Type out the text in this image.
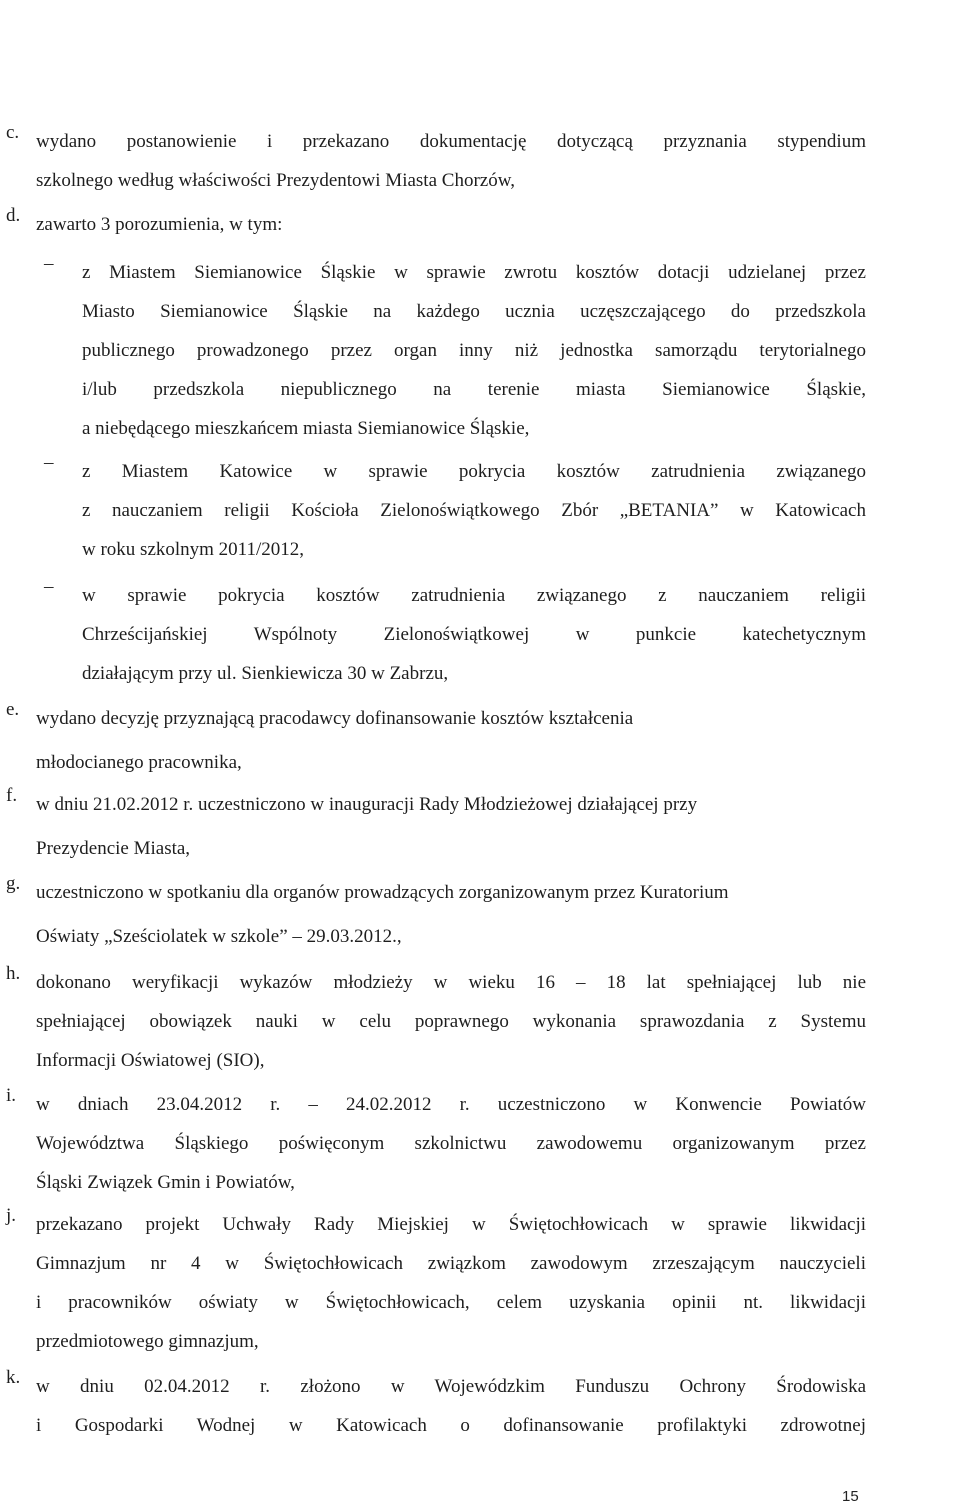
c. wydano postanowienie i przekazano dokumentację dotyczącą przyznania stypendium
szkolnego według właściwości Prezydentowi Miasta Chorzów,
d. zawarto 3 porozumienia, w tym:
– z Miastem Siemianowice Śląskie w sprawie zwrotu kosztów dotacji udzielanej przez
Miasto Siemianowice Śląskie na każdego ucznia uczęszczającego do przedszkola
publicznego prowadzonego przez organ inny niż jednostka samorządu terytorialnego
i/lub przedszkola niepublicznego na terenie miasta Siemianowice Śląskie,
a niebędącego mieszkańcem miasta Siemianowice Śląskie,
– z Miastem Katowice w sprawie pokrycia kosztów zatrudnienia związanego
z nauczaniem religii Kościoła Zielonoświątkowego Zbór „BETANIA” w Katowicach
w roku szkolnym 2011/2012,
– w sprawie pokrycia kosztów zatrudnienia związanego z nauczaniem religii
Chrześcijańskiej Wspólnoty Zielonoświątkowej w punkcie katechetycznym
działającym przy ul. Sienkiewicza 30 w Zabrzu,
e. wydano decyzję przyznającą pracodawcy dofinansowanie kosztów kształcenia
młodocianego pracownika,
f. w dniu 21.02.2012 r. uczestniczono w inauguracji Rady Młodzieżowej działającej przy
Prezydencie Miasta,
g. uczestniczono w spotkaniu dla organów prowadzących zorganizowanym przez Kuratorium
Oświaty „Sześciolatek w szkole” – 29.03.2012.,
h. dokonano weryfikacji wykazów młodzieży w wieku 16 – 18 lat spełniającej lub nie
spełniającej obowiązek nauki w celu poprawnego wykonania sprawozdania z Systemu
Informacji Oświatowej (SIO),
i. w dniach 23.04.2012 r. – 24.02.2012 r. uczestniczono w Konwencie Powiatów
Województwa Śląskiego poświęconym szkolnictwu zawodowemu organizowanym przez
Śląski Związek Gmin i Powiatów,
j. przekazano projekt Uchwały Rady Miejskiej w Świętochłowicach w sprawie likwidacji
Gimnazjum nr 4 w Świętochłowicach związkom zawodowym zrzeszającym nauczycieli
i pracowników oświaty w Świętochłowicach, celem uzyskania opinii nt. likwidacji
przedmiotowego gimnazjum,
k. w dniu 02.04.2012 r. złożono w Wojewódzkim Funduszu Ochrony Środowiska
i Gospodarki Wodnej w Katowicach o dofinansowanie profilaktyki zdrowotnej
15
